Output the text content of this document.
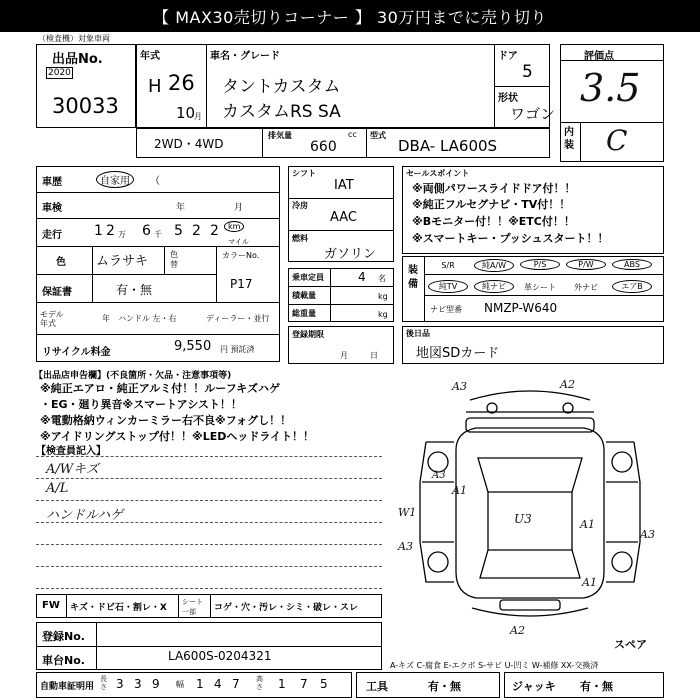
【 MAX30売切りコーナー 】 30万円までに売り切り
（検査機）対象車両
出品No.
2020
30033
年式
H 26
10
月
車名・グレード
タントカスタム
カスタムRS SA
ドア
5
形状
ワゴン
評価点
3.5
内装 C
2WD・4WD
排気量	cc
660
型式
DBA- LA600S
車歴	自家用	（
車検	年	月
走行 1 2 万 6 千 5 2 2	km
マイル
色 ムラサキ	色替
カラーNo.
P17
保証書	有・無
モデル年式
年 ハンドル 左・右	ディーラー・並行
リサイクル料金	9,550 円 預託済
シフト
IAT
冷房
AAC
燃料
ガソリン
乗車定員	4 名
積載量	kg
総重量	kg
登録期限
月	日
セールスポイント
※両側パワースライドドア付！！
※純正フルセグナビ・TV付！！
※Bモニター付！！※ETC付！！
※スマートキー・プッシュスタート！！
装備
S/R	純A/W	P/S	P/W	ABS
純TV	純ナビ	革シート	外ナビ	エアB
ナビ型番 NMZP-W640
後日品
地図SDカード
【出品店申告欄】(不良箇所・欠品・注意事項等)
※純正エアロ・純正アルミ付！！ルーフキズハゲ
・EG・廻り異音※スマートアシスト！！
※電動格納ウィンカーミラー右不良※フォグし！！
※アイドリングストップ付！！※LEDヘッドライト！！
【検査員記入】
A/Wキズ
A/L
ハンドルハゲ
A3	A2
A3
A3
A1
W1	U3
A1
A3
A1
A2
FW キズ・ドビ石・割レ・X
シート
一部 コゲ・穴・汚レ・シミ・破レ・スレ
スペア
登録No.
車台No.	LA600S-0204321
A-キズ C-腐食 E-エクボ S-サビ U-凹ミ W-補修 XX-交換済
自動車証明用
長さ 3 3 9 幅 1 4 7 高さ 1 7 5	工具	有・無	ジャッキ 有・無
